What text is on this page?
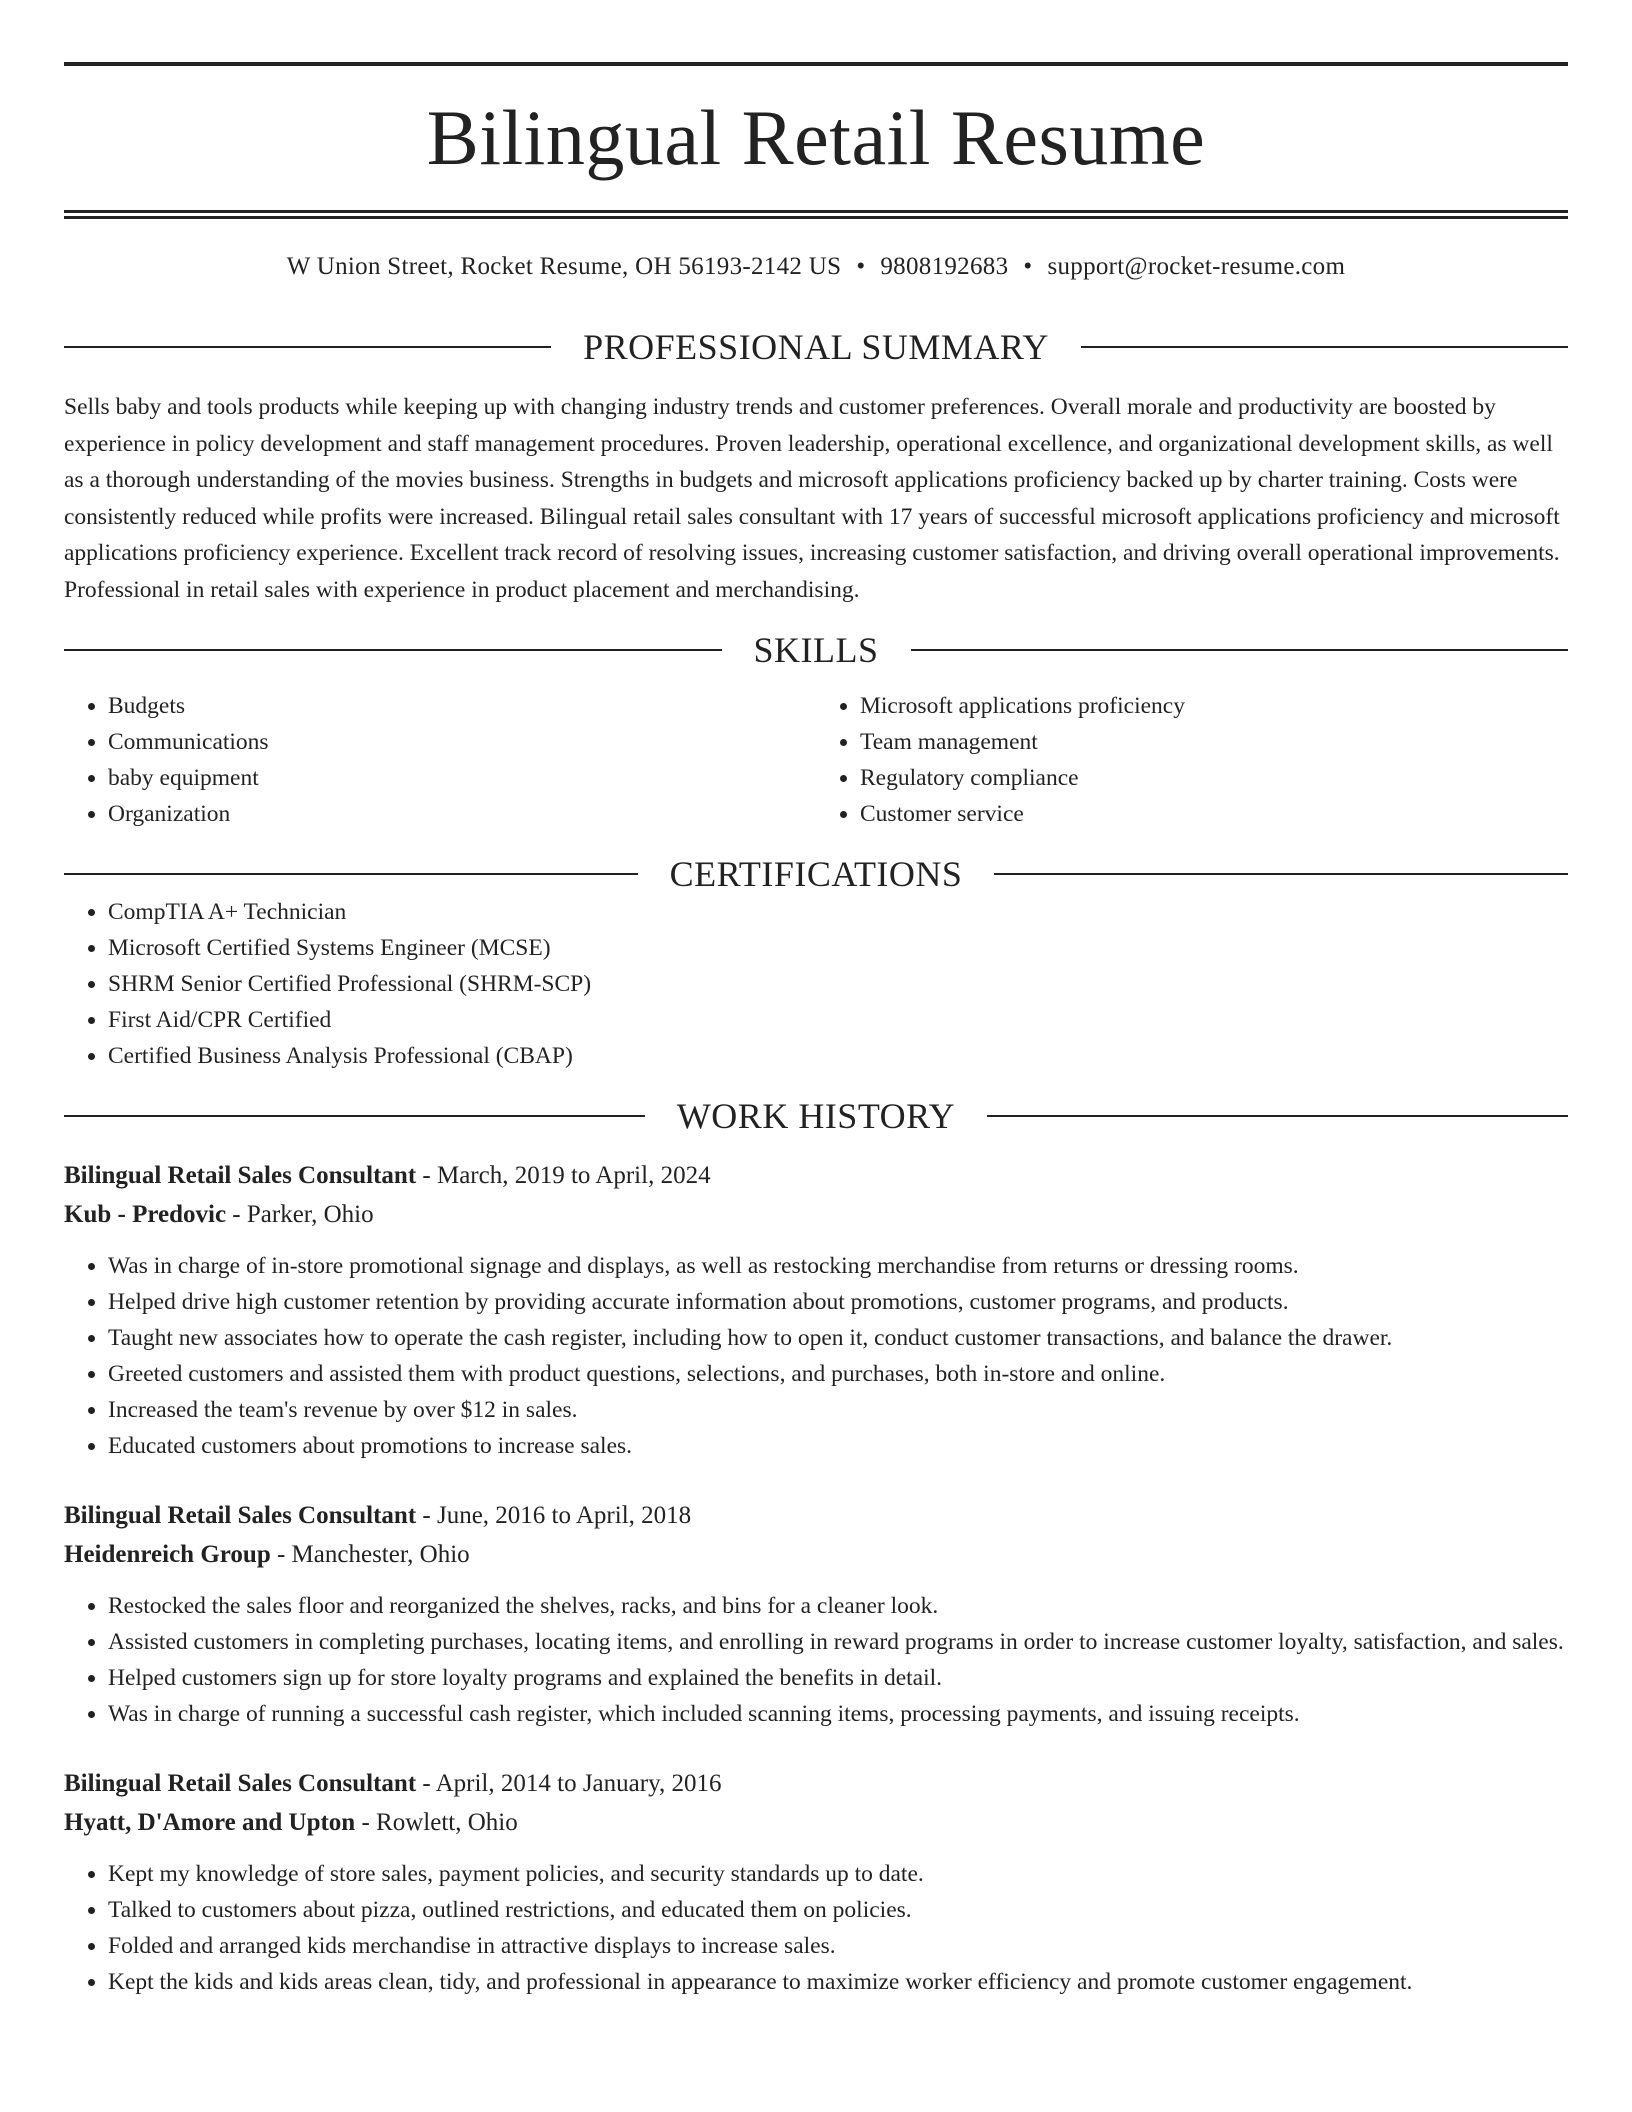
Bilingual Retail Resume
W Union Street, Rocket Resume, OH 56193-2142 US • 9808192683 • support@rocket-resume.com
PROFESSIONAL SUMMARY

Sells baby and tools products while keeping up with changing industry trends and customer preferences. Overall morale and productivity are boosted by experience in policy development and staff management procedures. Proven leadership, operational excellence, and organizational development skills, as well as a thorough understanding of the movies business. Strengths in budgets and microsoft applications proficiency backed up by charter training. Costs were consistently reduced while profits were increased. Bilingual retail sales consultant with 17 years of successful microsoft applications proficiency and microsoft applications proficiency experience. Excellent track record of resolving issues, increasing customer satisfaction, and driving overall operational improvements. Professional in retail sales with experience in product placement and merchandising.

SKILLS
• Budgets
• Communications
• baby equipment
• Organization
• Microsoft applications proficiency
• Team management
• Regulatory compliance
• Customer service
CERTIFICATIONS
• CompTIA A+ Technician
• Microsoft Certified Systems Engineer (MCSE)
• SHRM Senior Certified Professional (SHRM-SCP)
• First Aid/CPR Certified
• Certified Business Analysis Professional (CBAP)
WORK HISTORY
Bilingual Retail Sales Consultant - March, 2019 to April, 2024
Kub - Predovic - Parker, Ohio
• Was in charge of in-store promotional signage and displays, as well as restocking merchandise from returns or dressing rooms.
• Helped drive high customer retention by providing accurate information about promotions, customer programs, and products.
• Taught new associates how to operate the cash register, including how to open it, conduct customer transactions, and balance the drawer.
• Greeted customers and assisted them with product questions, selections, and purchases, both in-store and online.
• Increased the team's revenue by over $12 in sales.
• Educated customers about promotions to increase sales.
Bilingual Retail Sales Consultant - June, 2016 to April, 2018
Heidenreich Group - Manchester, Ohio
• Restocked the sales floor and reorganized the shelves, racks, and bins for a cleaner look.
• Assisted customers in completing purchases, locating items, and enrolling in reward programs in order to increase customer loyalty, satisfaction, and sales.
• Helped customers sign up for store loyalty programs and explained the benefits in detail.
• Was in charge of running a successful cash register, which included scanning items, processing payments, and issuing receipts.
Bilingual Retail Sales Consultant - April, 2014 to January, 2016
Hyatt, D'Amore and Upton - Rowlett, Ohio
• Kept my knowledge of store sales, payment policies, and security standards up to date.
• Talked to customers about pizza, outlined restrictions, and educated them on policies.
• Folded and arranged kids merchandise in attractive displays to increase sales.
• Kept the kids and kids areas clean, tidy, and professional in appearance to maximize worker efficiency and promote customer engagement.
